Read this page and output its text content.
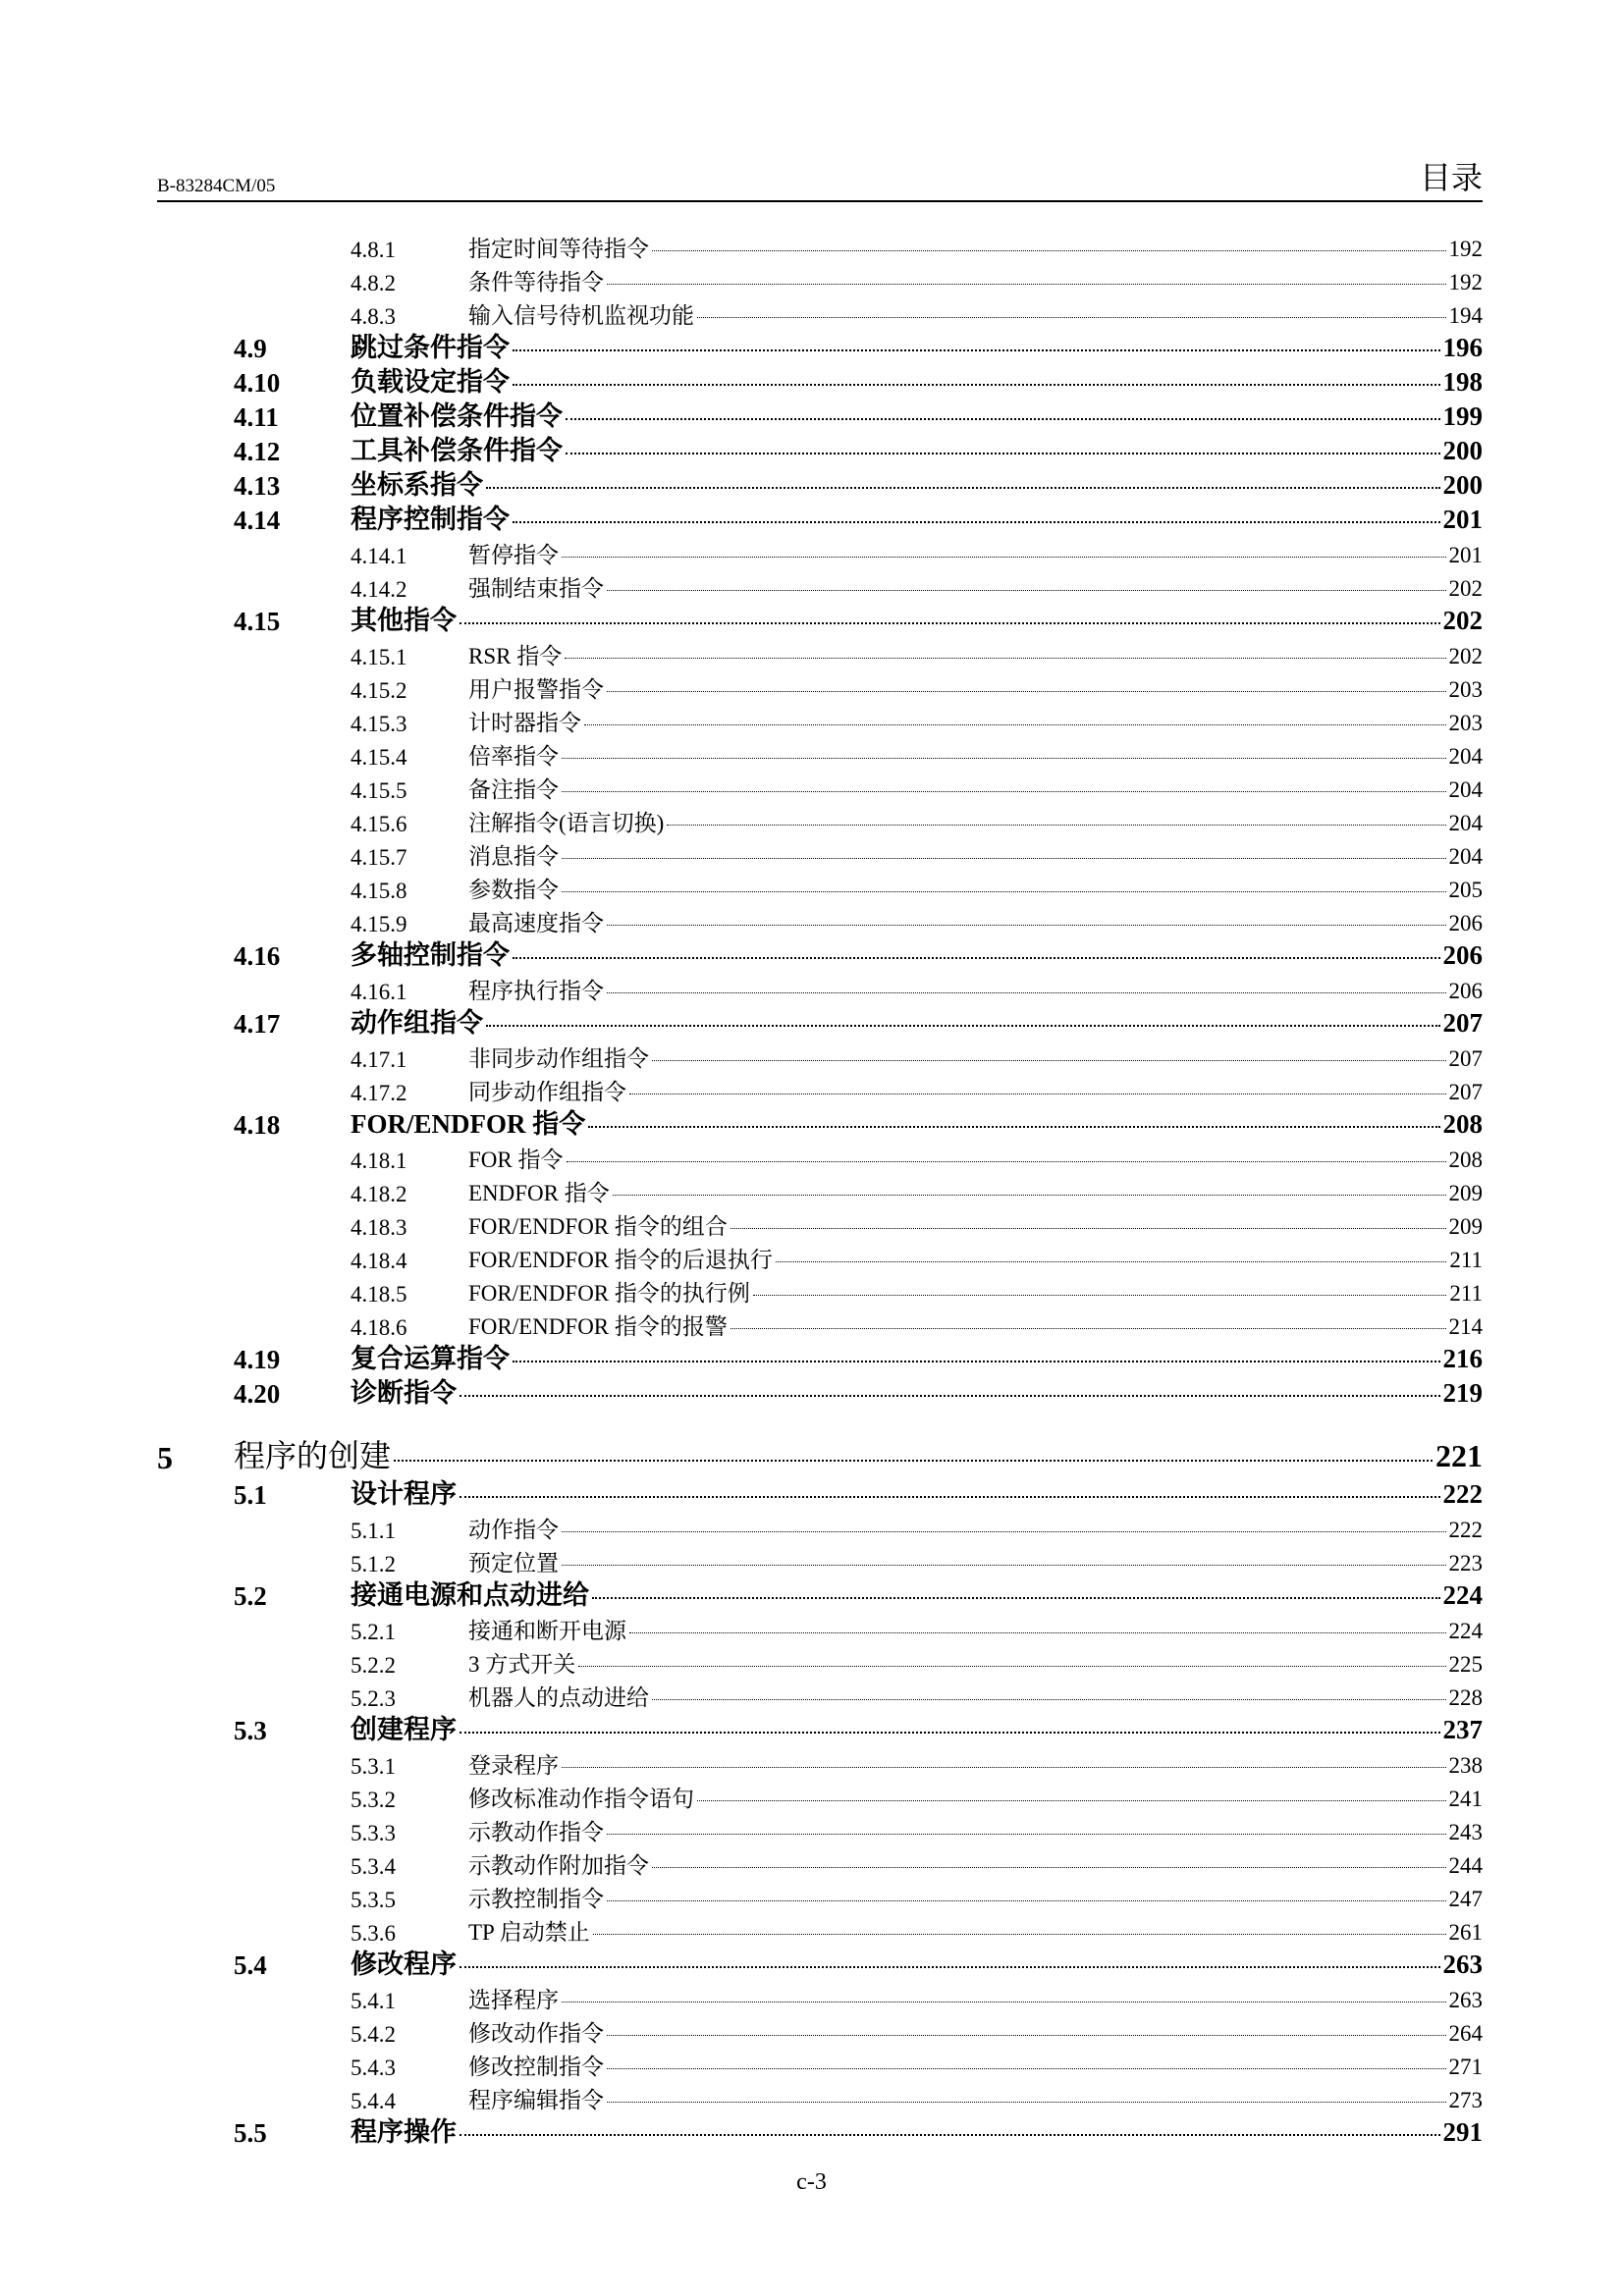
B-83284CM/05	目录
4.8.1	指定时间等待指令	192
4.8.2	条件等待指令	192
4.8.3	输入信号待机监视功能	194
4.9	跳过条件指令	196
4.10	负载设定指令	198
4.11	位置补偿条件指令	199
4.12	工具补偿条件指令	200
4.13	坐标系指令	200
4.14	程序控制指令	201
4.14.1	暂停指令	201
4.14.2	强制结束指令	202
4.15	其他指令	202
4.15.1	RSR 指令	202
4.15.2	用户报警指令	203
4.15.3	计时器指令	203
4.15.4	倍率指令	204
4.15.5	备注指令	204
4.15.6	注解指令(语言切换)	204
4.15.7	消息指令	204
4.15.8	参数指令	205
4.15.9	最高速度指令	206
4.16	多轴控制指令	206
4.16.1	程序执行指令	206
4.17	动作组指令	207
4.17.1	非同步动作组指令	207
4.17.2	同步动作组指令	207
4.18	FOR/ENDFOR 指令	208
4.18.1	FOR 指令	208
4.18.2	ENDFOR 指令	209
4.18.3	FOR/ENDFOR 指令的组合	209
4.18.4	FOR/ENDFOR 指令的后退执行	211
4.18.5	FOR/ENDFOR 指令的执行例	211
4.18.6	FOR/ENDFOR 指令的报警	214
4.19	复合运算指令	216
4.20	诊断指令	219
5 程序的创建	221
5.1	设计程序	222
5.1.1	动作指令	222
5.1.2	预定位置	223
5.2	接通电源和点动进给	224
5.2.1	接通和断开电源	224
5.2.2	3 方式开关	225
5.2.3	机器人的点动进给	228
5.3	创建程序	237
5.3.1	登录程序	238
5.3.2	修改标准动作指令语句	241
5.3.3	示教动作指令	243
5.3.4	示教动作附加指令	244
5.3.5	示教控制指令	247
5.3.6	TP 启动禁止	261
5.4	修改程序	263
5.4.1	选择程序	263
5.4.2	修改动作指令	264
5.4.3	修改控制指令	271
5.4.4	程序编辑指令	273
5.5	程序操作	291
c-3
